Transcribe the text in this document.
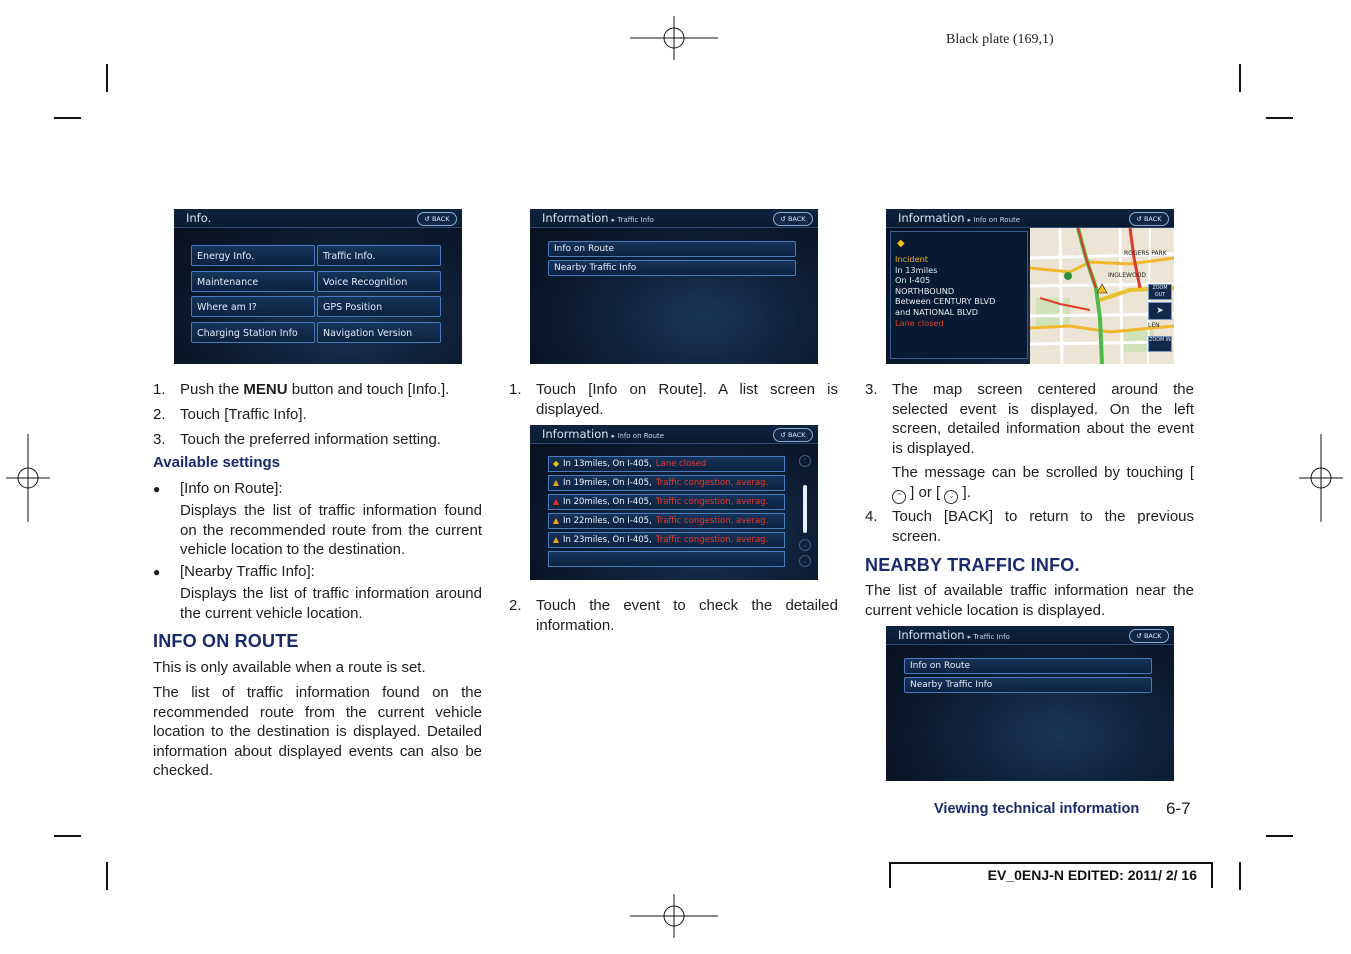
Black plate (169,1)
Info.	↺ BACK
Energy Info.	Traffic Info.
Maintenance	Voice Recognition
Where am I?	GPS Position
Charging Station Info	Navigation Version
1. Push the MENU button and touch [Info.].
2. Touch [Traffic Info].
3. Touch the preferred information setting.
Available settings
● [Info on Route]:
Displays the list of traffic information found on the recommended route from the current vehicle location to the destination.
● [Nearby Traffic Info]:
Displays the list of traffic information around the current vehicle location.
INFO ON ROUTE
This is only available when a route is set.
The list of traffic information found on the recommended route from the current vehicle location to the destination is displayed. Detailed information about displayed events can also be checked.
Information ▸ Traffic Info	↺ BACK
Info on Route
Nearby Traffic Info
1. Touch [Info on Route]. A list screen is displayed.
Information ▸ Info on Route	↺ BACK
◆ In 13miles, On I-405, Lane closed
▲ In 19miles, On I-405, Traffic congestion, averag.
▲ In 20miles, On I-405, Traffic congestion, averag.
▲ In 22miles, On I-405, Traffic congestion, averag.
▲ In 23miles, On I-405, Traffic congestion, averag.
⌃
⌄
⌄
2. Touch the event to check the detailed information.
Information ▸ Info on Route	↺ BACK
◆
Incident
In 13miles
On I-405
NORTHBOUND
Between CENTURY BLVD
and NATIONAL BLVD
Lane closed
ROGERS PARK
INGLEWOOD
LEN
ZOOM OUT
➤
ZOOM IN
3. The map screen centered around the selected event is displayed. On the left screen, detailed information about the event is displayed.
The message can be scrolled by touching [ ⌃ ] or [ ⌄ ].
4. Touch [BACK] to return to the previous screen.
NEARBY TRAFFIC INFO.
The list of available traffic information near the current vehicle location is displayed.
Information ▸ Traffic Info	↺ BACK
Info on Route
Nearby Traffic Info
Viewing technical information 6-7
EV_0ENJ-N EDITED: 2011/ 2/ 16
